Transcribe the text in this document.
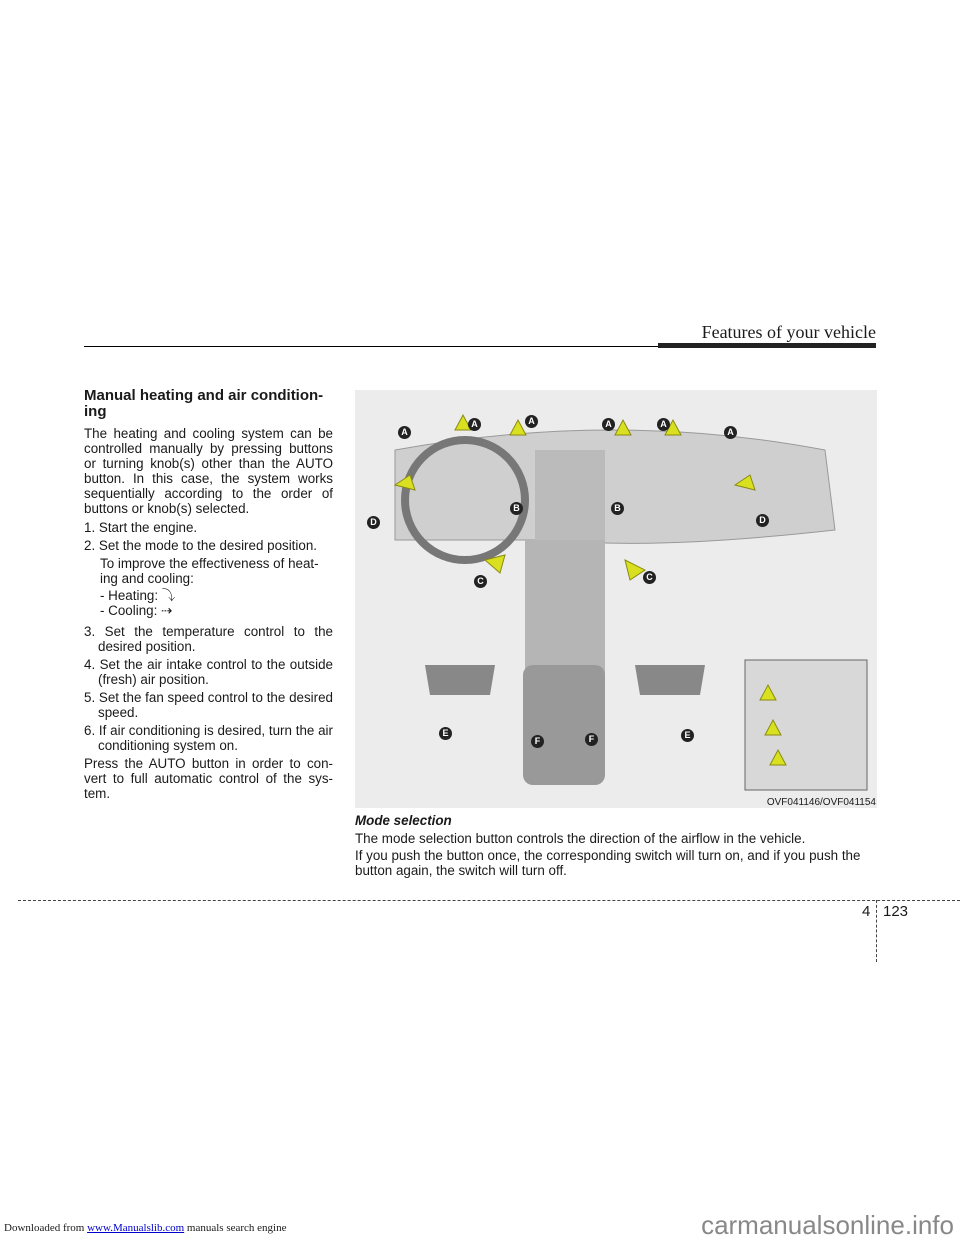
Features of your vehicle
Manual heating and air condition-ing

The heating and cooling system can be controlled manually by pressing buttons or turning knob(s) other than the AUTO button. In this case, the system works sequentially according to the order of buttons or knob(s) selected.

1. Start the engine.
2. Set the mode to the desired position.
To improve the effectiveness of heat-ing and cooling:
- Heating: ⤵
- Cooling: ⇢
3. Set the temperature control to the desired position.
4. Set the air intake control to the outside (fresh) air position.
5. Set the fan speed control to the desired speed.
6. If air conditioning is desired, turn the air conditioning system on.

Press the AUTO button in order to con-vert to full automatic control of the sys-tem.

A
A	A	A	A
A
B	B
C	C
D	D
E	E
F	F
OVF041146/OVF041154
Mode selection

The mode selection button controls the direction of the airflow in the vehicle.

If you push the button once, the corresponding switch will turn on, and if you push the button again, the switch will turn off.

4 123
Downloaded from www.Manualslib.com manuals search engine	carmanualsonline.info
